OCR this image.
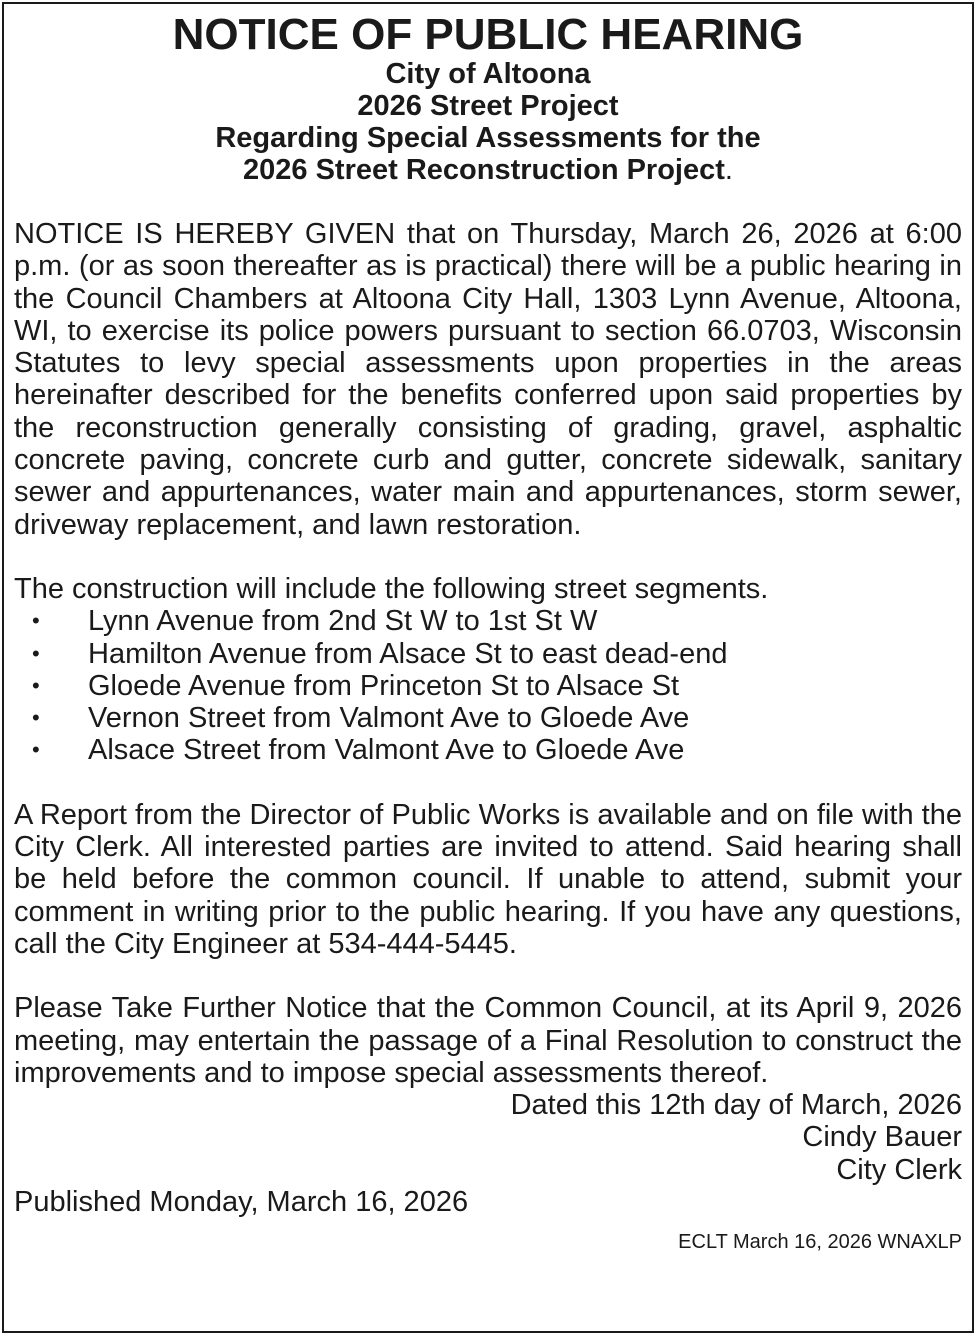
NOTICE OF PUBLIC HEARING

City of Altoona

2026 Street Project

Regarding Special Assessments for the

2026 Street Reconstruction Project.

NOTICE IS HEREBY GIVEN that on Thursday, March 26, 2026 at 6:00 p.m. (or as soon thereafter as is practical) there will be a public hearing in the Council Chambers at Altoona City Hall, 1303 Lynn Avenue, Altoona, WI, to exercise its police powers pursuant to section 66.0703, Wisconsin Statutes to levy special assessments upon properties in the areas hereinafter described for the benefits conferred upon said properties by the reconstruction generally consisting of grading, gravel, asphaltic concrete paving, concrete curb and gutter, concrete sidewalk, sanitary sewer and appurtenances, water main and appurtenances, storm sewer, driveway replacement, and lawn restoration.

The construction will include the following street segments.

• Lynn Avenue from 2nd St W to 1st St W
• Hamilton Avenue from Alsace St to east dead-end
• Gloede Avenue from Princeton St to Alsace St
• Vernon Street from Valmont Ave to Gloede Ave
• Alsace Street from Valmont Ave to Gloede Ave

A Report from the Director of Public Works is available and on file with the City Clerk. All interested parties are invited to attend. Said hearing shall be held before the common council. If unable to attend, submit your comment in writing prior to the public hearing. If you have any questions, call the City Engineer at 534-444-5445.

Please Take Further Notice that the Common Council, at its April 9, 2026 meeting, may entertain the passage of a Final Resolution to construct the improvements and to impose special assessments thereof.

Dated this 12th day of March, 2026

Cindy Bauer

City Clerk

Published Monday, March 16, 2026

ECLT March 16, 2026 WNAXLP
